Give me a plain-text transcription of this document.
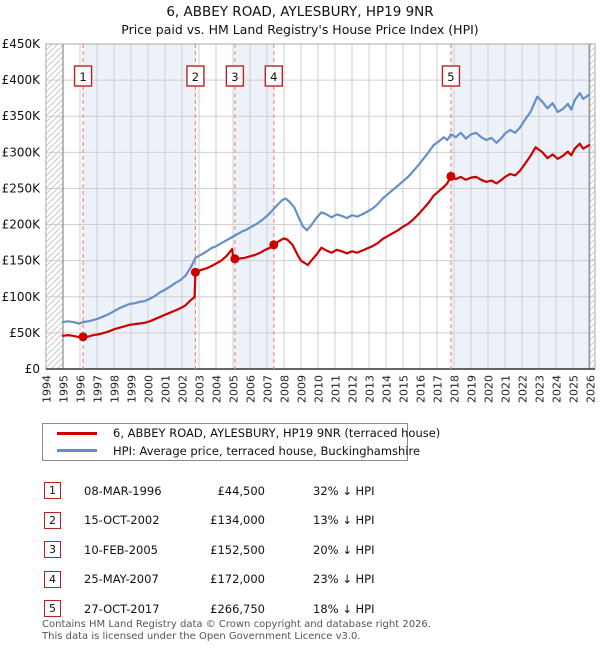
6, ABBEY ROAD, AYLESBURY, HP19 9NR
Price paid vs. HM Land Registry's House Price Index (HPI)
1	2	3	4	5
£0
£50K
£100K
£150K
£200K
£250K
£300K
£350K
£400K
£450K
1994 1995 1996 1997 1998 1999 2000 2001 2002 2003 2004 2005 2006 2007 2008 2009 2010 2011 2012 2013 2014 2015 2016 2017 2018 2019 2020 2021 2022 2023 2024 2025 2026
6, ABBEY ROAD, AYLESBURY, HP19 9NR (terraced house)
HPI: Average price, terraced house, Buckinghamshire
1	08-MAR-1996	£44,500	32% ↓ HPI
2	15-OCT-2002	£134,000	13% ↓ HPI
3	10-FEB-2005	£152,500	20% ↓ HPI
4	25-MAY-2007	£172,000	23% ↓ HPI
5	27-OCT-2017	£266,750	18% ↓ HPI
Contains HM Land Registry data © Crown copyright and database right 2026.
This data is licensed under the Open Government Licence v3.0.
